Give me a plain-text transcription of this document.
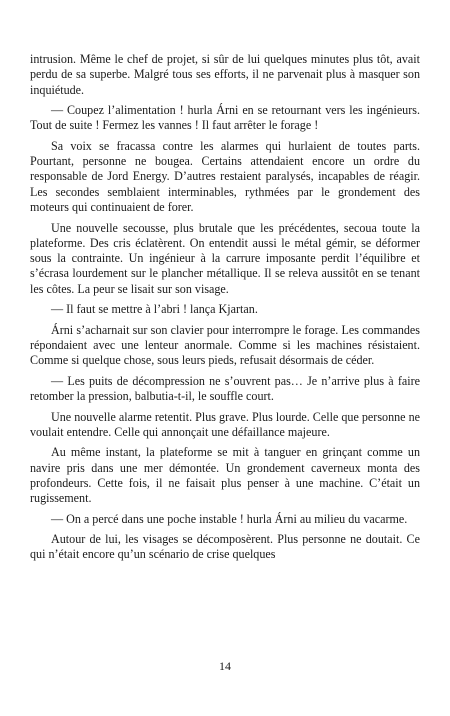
intrusion. Même le chef de projet, si sûr de lui quelques minutes plus tôt, avait perdu de sa superbe. Malgré tous ses efforts, il ne parvenait plus à masquer son inquiétude.

— Coupez l’alimentation ! hurla Árni en se retournant vers les ingénieurs. Tout de suite ! Fermez les vannes ! Il faut arrêter le forage !

Sa voix se fracassa contre les alarmes qui hurlaient de toutes parts. Pourtant, personne ne bougea. Certains attendaient encore un ordre du responsable de Jord Energy. D’autres restaient paralysés, incapables de réagir. Les secondes semblaient interminables, rythmées par le grondement des moteurs qui continuaient de forer.

Une nouvelle secousse, plus brutale que les précédentes, secoua toute la plateforme. Des cris éclatèrent. On entendit aussi le métal gémir, se déformer sous la contrainte. Un ingénieur à la carrure imposante perdit l’équilibre et s’écrasa lourdement sur le plancher métallique. Il se releva aussitôt en se tenant les côtes. La peur se lisait sur son visage.

— Il faut se mettre à l’abri ! lança Kjartan.

Árni s’acharnait sur son clavier pour interrompre le forage. Les commandes répondaient avec une lenteur anormale. Comme si les machines résistaient. Comme si quelque chose, sous leurs pieds, refusait désormais de céder.

— Les puits de décompression ne s’ouvrent pas… Je n’arrive plus à faire retomber la pression, balbutia-t-il, le souffle court.

Une nouvelle alarme retentit. Plus grave. Plus lourde. Celle que personne ne voulait entendre. Celle qui annonçait une défaillance majeure.

Au même instant, la plateforme se mit à tanguer en grinçant comme un navire pris dans une mer démontée. Un grondement caverneux monta des profondeurs. Cette fois, il ne faisait plus penser à une machine. C’était un rugissement.

— On a percé dans une poche instable ! hurla Árni au milieu du vacarme.

Autour de lui, les visages se décomposèrent. Plus personne ne doutait. Ce qui n’était encore qu’un scénario de crise quelques

14
